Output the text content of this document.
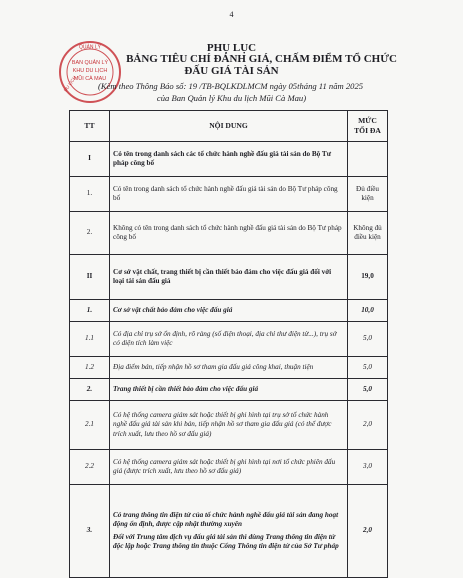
4
QUẢN LÝ
DU LỊCH
BAN QUẢN LÝ
KHU DU LỊCH
MŨI CÀ MAU
PHỤ LỤC
BẢNG TIÊU CHÍ ĐÁNH GIÁ, CHẤM ĐIỂM TỔ CHỨC
ĐẤU GIÁ TÀI SẢN
(Kèm theo Thông Báo số: 19 /TB-BQLKDLMCM ngày 05tháng 11 năm 2025
của Ban Quản lý Khu du lịch Mũi Cà Mau)
TT	NỘI DUNG	MỨC TỐI ĐA
I	Có tên trong danh sách các tổ chức hành nghề đấu giá tài sản do Bộ Tư pháp công bố	
1.	Có tên trong danh sách tổ chức hành nghề đấu giá tài sản do Bộ Tư pháp công bố	Đủ điều kiện
2.	Không có tên trong danh sách tổ chức hành nghề đấu giá tài sản do Bộ Tư pháp công bố	Không đủ điều kiện
II	Cơ sở vật chất, trang thiết bị cần thiết bảo đảm cho việc đấu giá đối với loại tài sản đấu giá	19,0
1.	Cơ sở vật chất bảo đảm cho việc đấu giá	10,0
1.1	Có địa chỉ trụ sở ổn định, rõ ràng (số điện thoại, địa chỉ thư điện tử...), trụ sở có diện tích làm việc	5,0
1.2	Địa điểm bán, tiếp nhận hồ sơ tham gia đấu giá công khai, thuận tiện	5,0
2.	Trang thiết bị cần thiết bảo đảm cho việc đấu giá	5,0
2.1	Có hệ thống camera giám sát hoặc thiết bị ghi hình tại trụ sở tổ chức hành nghề đấu giá tài sản khi bán, tiếp nhận hồ sơ tham gia đấu giá (có thể được trích xuất, lưu theo hồ sơ đấu giá)	2,0
2.2	Có hệ thống camera giám sát hoặc thiết bị ghi hình tại nơi tổ chức phiên đấu giá (được trích xuất, lưu theo hồ sơ đấu giá)	3,0
3.	Có trang thông tin điện tử của tổ chức hành nghề đấu giá tài sản đang hoạt động ổn định, được cập nhật thường xuyên
Đối với Trung tâm dịch vụ đấu giá tài sản thì dùng Trang thông tin điện tử độc lập hoặc Trang thông tin thuộc Cổng Thông tin điện tử của Sở Tư pháp	2,0
